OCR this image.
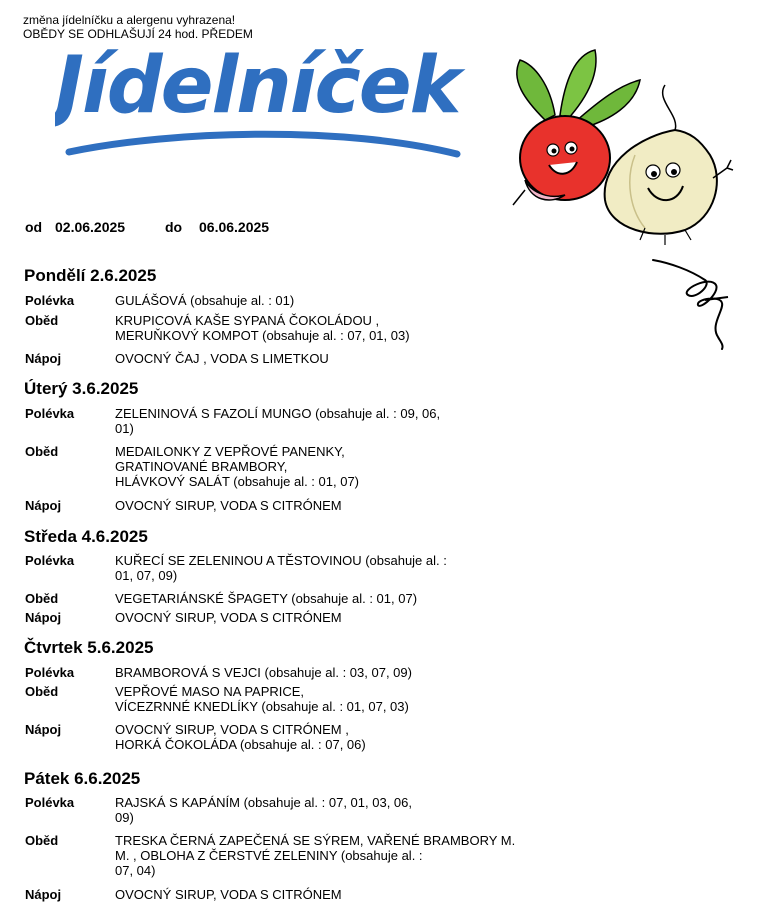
změna jídelníčku a alergenu vyhrazena!
OBĚDY SE ODHLAŠUJÍ 24 hod. PŘEDEM
Jídelníček
od 02.06.2025	do 06.06.2025
Pondělí 2.6.2025
Polévka	GULÁŠOVÁ (obsahuje al. : 01)
Oběd	KRUPICOVÁ KAŠE SYPANÁ ČOKOLÁDOU ,
MERUŇKOVÝ KOMPOT (obsahuje al. : 07, 01, 03)
Nápoj	OVOCNÝ ČAJ , VODA S LIMETKOU
Úterý 3.6.2025
Polévka	ZELENINOVÁ S FAZOLÍ MUNGO (obsahuje al. : 09, 06,
01)
Oběd	MEDAILONKY Z VEPŘOVÉ PANENKY,
GRATINOVANÉ BRAMBORY,
HLÁVKOVÝ SALÁT (obsahuje al. : 01, 07)
Nápoj	OVOCNÝ SIRUP, VODA S CITRÓNEM
Středa 4.6.2025
Polévka	KUŘECÍ SE ZELENINOU A TĚSTOVINOU (obsahuje al. :
01, 07, 09)
Oběd	VEGETARIÁNSKÉ ŠPAGETY (obsahuje al. : 01, 07)
Nápoj	OVOCNÝ SIRUP, VODA S CITRÓNEM
Čtvrtek 5.6.2025
Polévka	BRAMBOROVÁ S VEJCI (obsahuje al. : 03, 07, 09)
Oběd	VEPŘOVÉ MASO NA PAPRICE,
VÍCEZRNNÉ KNEDLÍKY (obsahuje al. : 01, 07, 03)
Nápoj	OVOCNÝ SIRUP, VODA S CITRÓNEM ,
HORKÁ ČOKOLÁDA (obsahuje al. : 07, 06)
Pátek 6.6.2025
Polévka	RAJSKÁ S KAPÁNÍM (obsahuje al. : 07, 01, 03, 06,
09)
Oběd	TRESKA ČERNÁ ZAPEČENÁ SE SÝREM, VAŘENÉ BRAMBORY M.
M. , OBLOHA Z ČERSTVÉ ZELENINY (obsahuje al. :
07, 04)
Nápoj	OVOCNÝ SIRUP, VODA S CITRÓNEM
